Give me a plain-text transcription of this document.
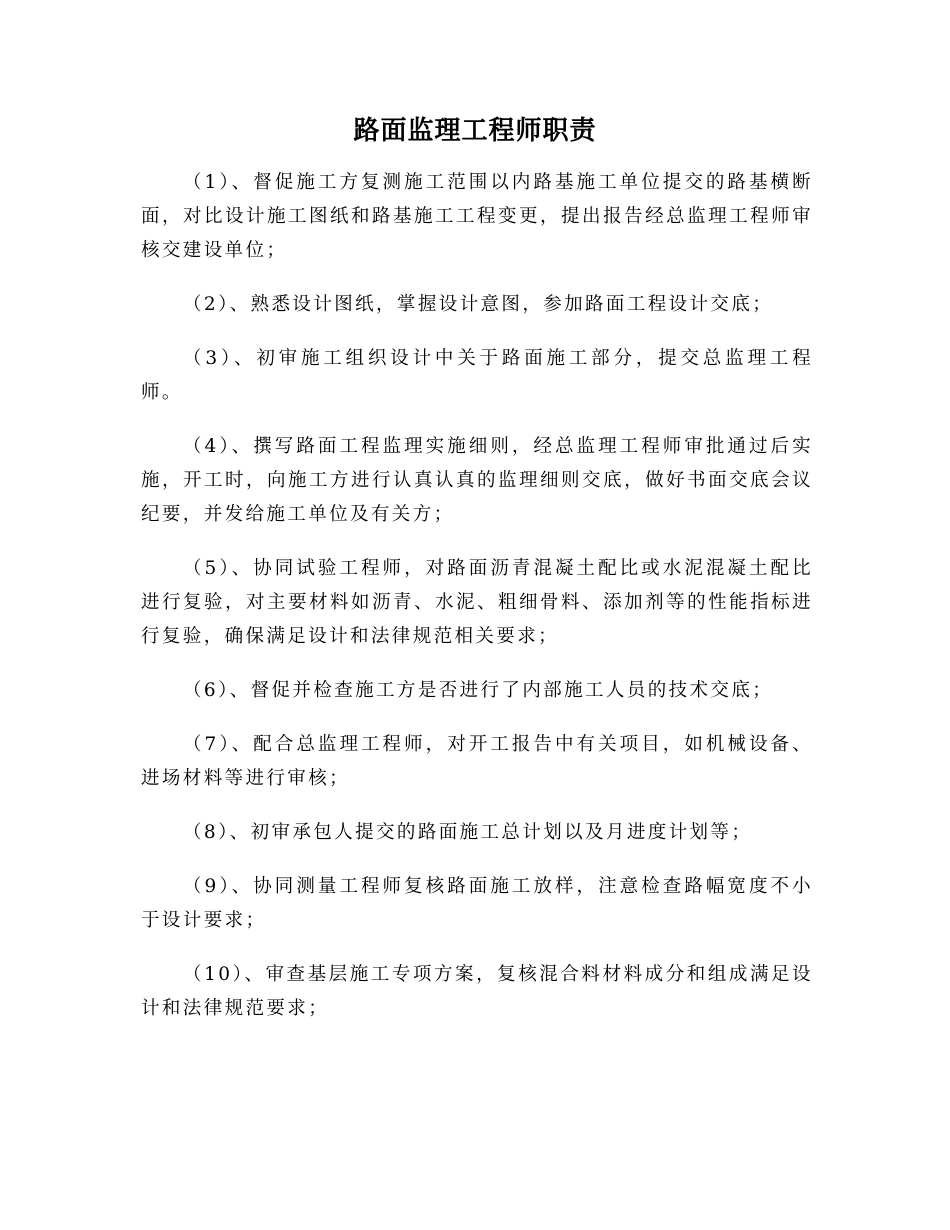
路面监理工程师职责

（1）、督促施工方复测施工范围以内路基施工单位提交的路基横断面，对比设计施工图纸和路基施工工程变更，提出报告经总监理工程师审核交建设单位；

（2）、熟悉设计图纸，掌握设计意图，参加路面工程设计交底；

（3）、初审施工组织设计中关于路面施工部分，提交总监理工程师。

（4）、撰写路面工程监理实施细则，经总监理工程师审批通过后实施，开工时，向施工方进行认真认真的监理细则交底，做好书面交底会议纪要，并发给施工单位及有关方；

（5）、协同试验工程师，对路面沥青混凝土配比或水泥混凝土配比进行复验，对主要材料如沥青、水泥、粗细骨料、添加剂等的性能指标进行复验，确保满足设计和法律规范相关要求；

（6）、督促并检查施工方是否进行了内部施工人员的技术交底；

（7）、配合总监理工程师，对开工报告中有关项目，如机械设备、进场材料等进行审核；

（8）、初审承包人提交的路面施工总计划以及月进度计划等；

（9）、协同测量工程师复核路面施工放样，注意检查路幅宽度不小于设计要求；

（10）、审查基层施工专项方案，复核混合料材料成分和组成满足设计和法律规范要求；
